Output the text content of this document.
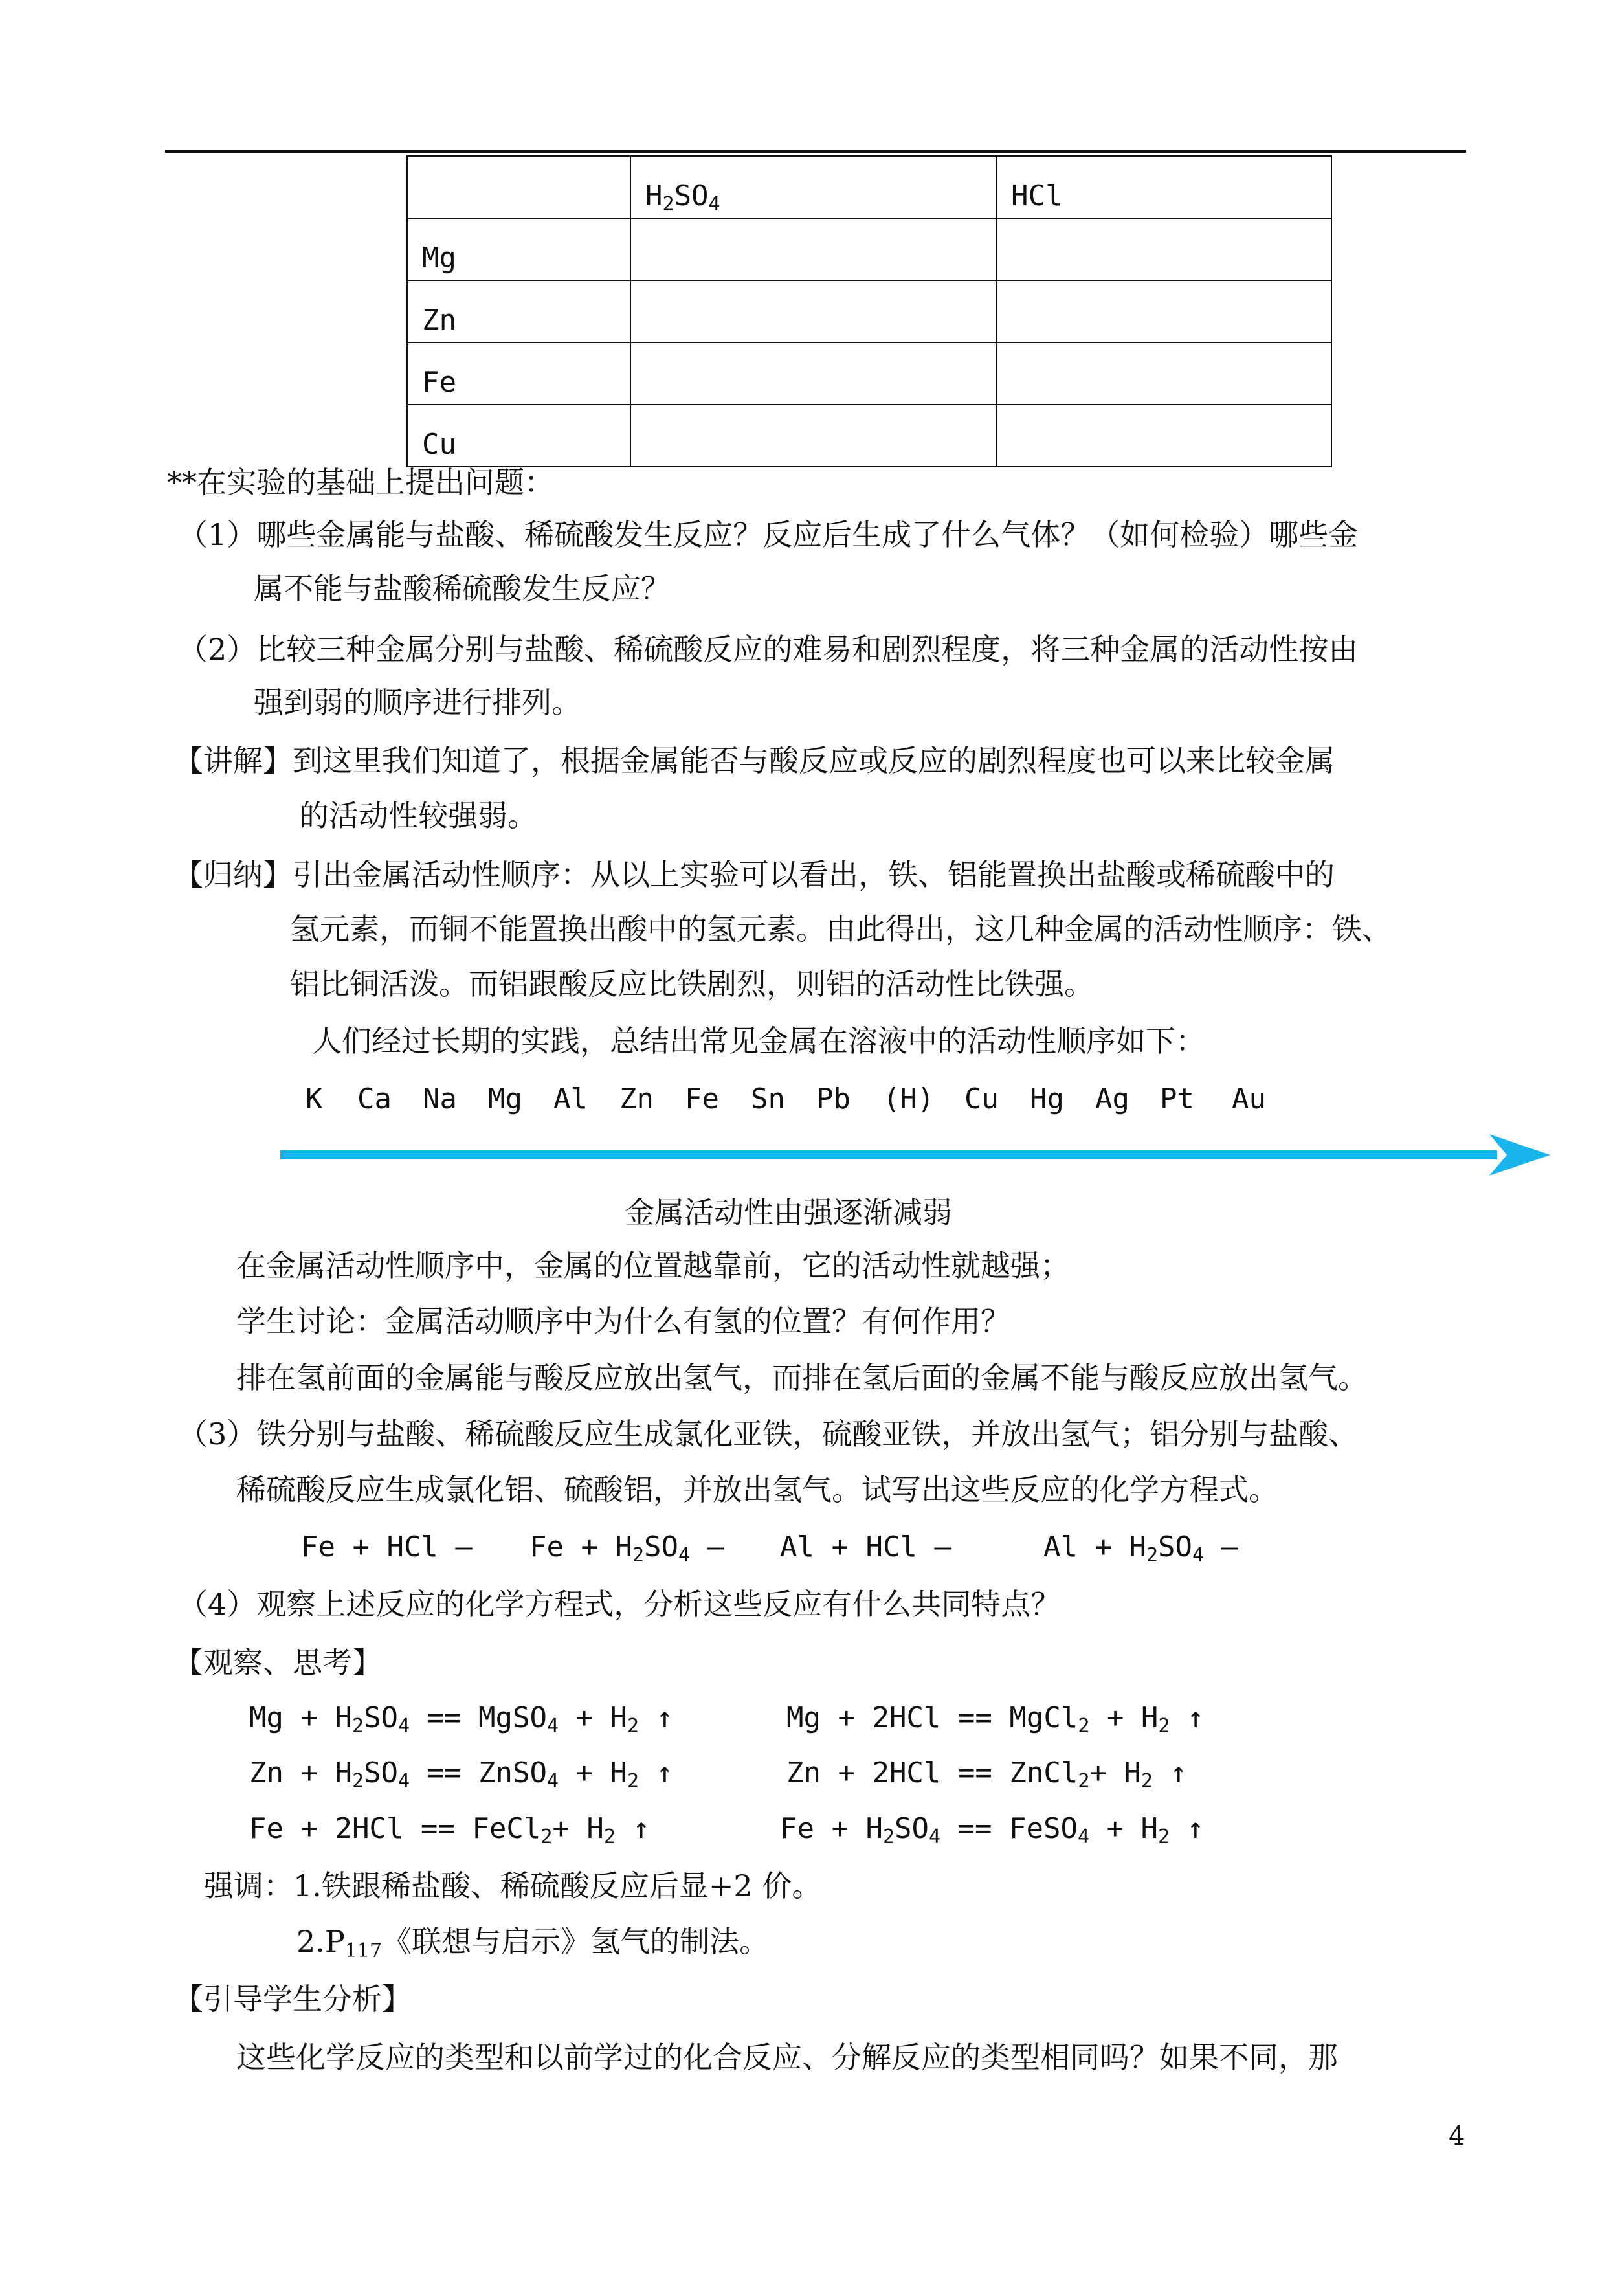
	$H_2SO_4$	HCl
Mg		
Zn		
Fe		
Cu		
**在实验的基础上提出问题：
（1）哪些金属能与盐酸、稀硫酸发生反应？反应后生成了什么气体？（如何检验）哪些金
属不能与盐酸稀硫酸发生反应？
（2）比较三种金属分别与盐酸、稀硫酸反应的难易和剧烈程度，将三种金属的活动性按由
强到弱的顺序进行排列。
【讲解】到这里我们知道了，根据金属能否与酸反应或反应的剧烈程度也可以来比较金属
的活动性较强弱。
【归纳】引出金属活动性顺序：从以上实验可以看出，铁、铝能置换出盐酸或稀硫酸中的
氢元素，而铜不能置换出酸中的氢元素。由此得出，这几种金属的活动性顺序：铁、
铝比铜活泼。而铝跟酸反应比铁剧烈，则铝的活动性比铁强。
人们经过长期的实践，总结出常见金属在溶液中的活动性顺序如下：
K Ca Na Mg Al Zn Fe Sn Pb (H) Cu Hg Ag Pt Au
金属活动性由强逐渐减弱
在金属活动性顺序中，金属的位置越靠前，它的活动性就越强；
学生讨论：金属活动顺序中为什么有氢的位置？有何作用？
排在氢前面的金属能与酸反应放出氢气，而排在氢后面的金属不能与酸反应放出氢气。
（3）铁分别与盐酸、稀硫酸反应生成氯化亚铁，硫酸亚铁，并放出氢气；铝分别与盐酸、
稀硫酸反应生成氯化铝、硫酸铝，并放出氢气。试写出这些反应的化学方程式。
Fe + HCl — $Fe + H_2SO_4$ — Al + HCl —	$Al + H_2SO_4$ —
（4）观察上述反应的化学方程式，分析这些反应有什么共同特点？
【观察、思考】
$Mg + H_2SO_4$ == MgSO$_4$ + $H_2$ ↑	Mg + 2HCl == MgCl$_2$ + $H_2$ ↑
$Zn + H_2SO_4$ == ZnSO$_4$ + $H_2$ ↑	Zn + 2HCl == ZnCl$_2$+ $H_2$ ↑
Fe + 2HCl == FeCl$_2$+ $H_2$ ↑	$Fe + H_2SO_4$ == FeSO$_4$ + $H_2$ ↑
强调：1.铁跟稀盐酸、稀硫酸反应后显+2 价。
$2.P_{117}$《联想与启示》氢气的制法。
【引导学生分析】
这些化学反应的类型和以前学过的化合反应、分解反应的类型相同吗？如果不同，那
4
